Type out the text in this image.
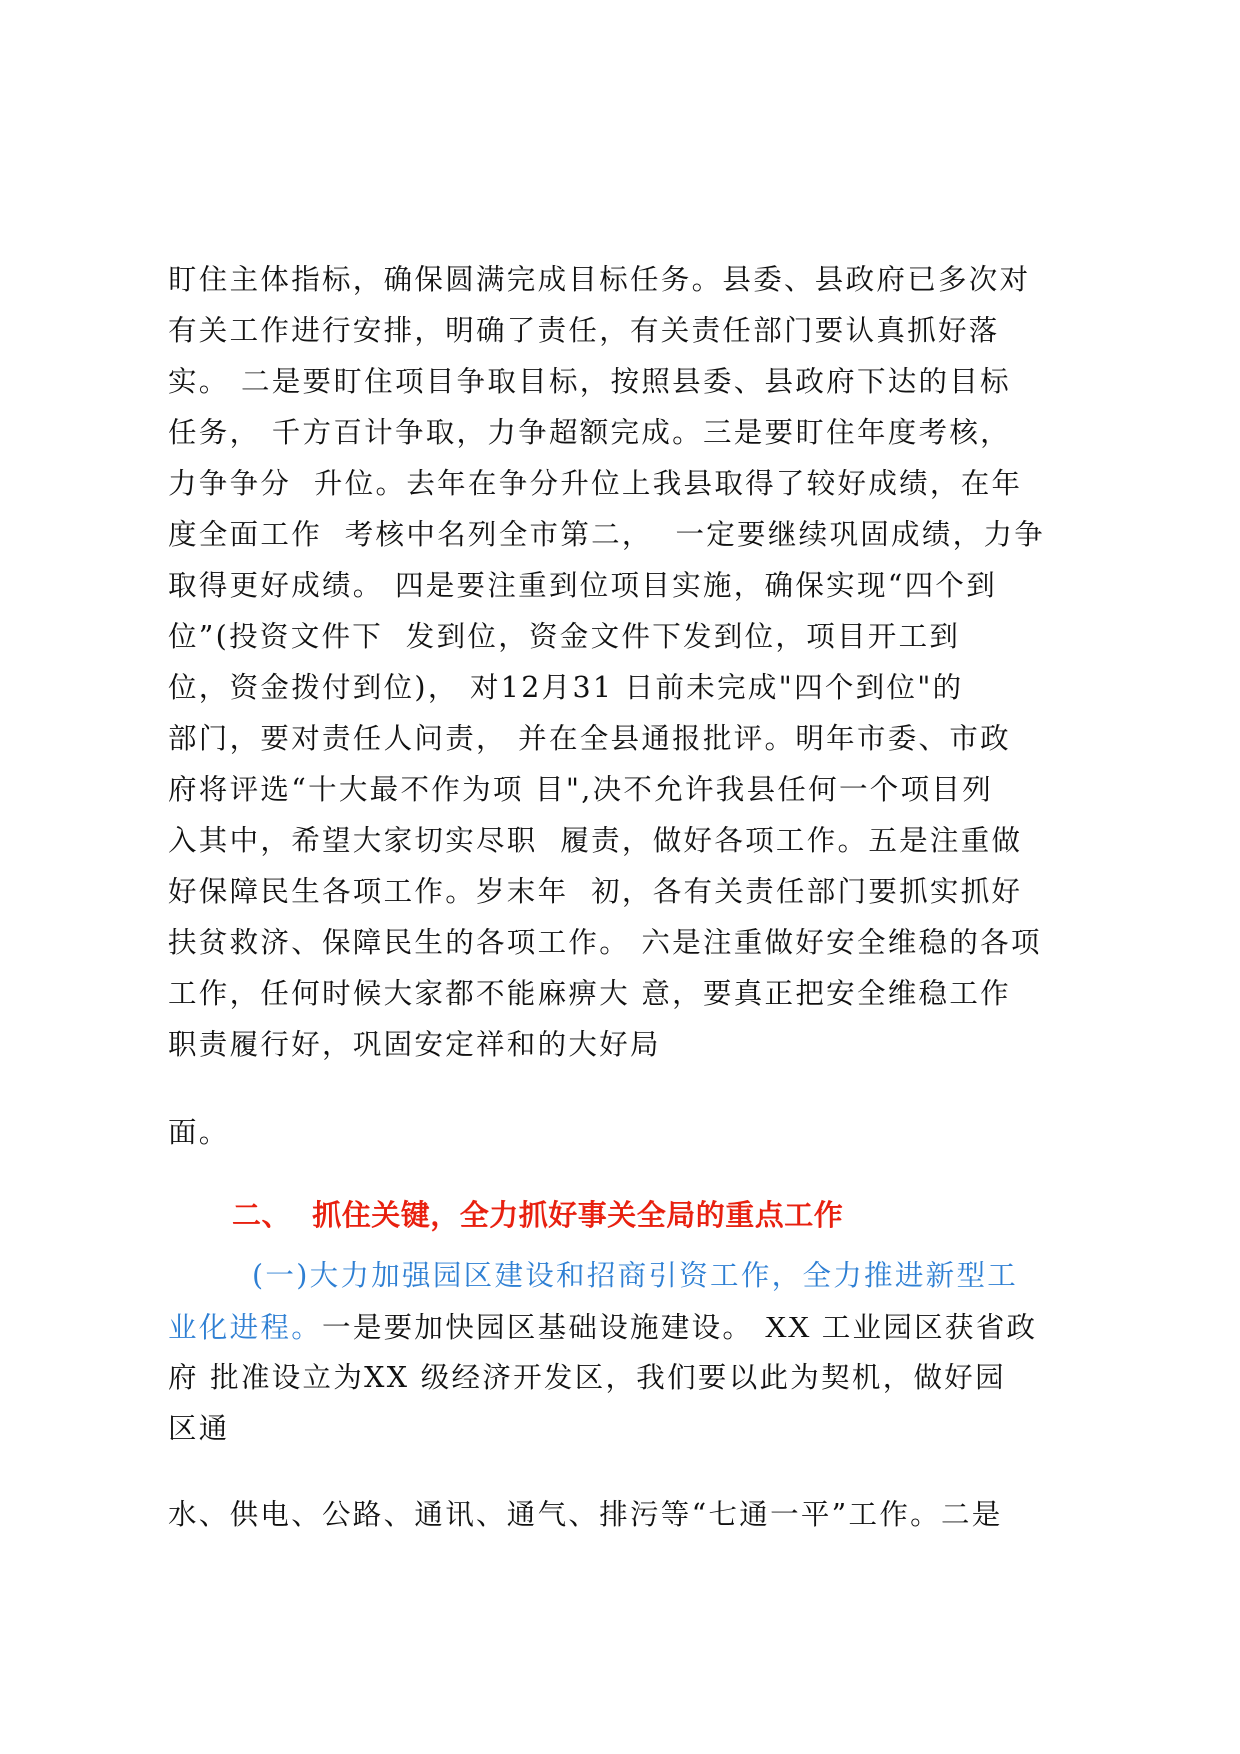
盯住主体指标，确保圆满完成目标任务。县委、县政府已多次对
有关工作进行安排，明确了责任，有关责任部门要认真抓好落
实。 二是要盯住项目争取目标，按照县委、县政府下达的目标
任务， 千方百计争取，力争超额完成。三是要盯住年度考核，
力争争分  升位。去年在争分升位上我县取得了较好成绩，在年
度全面工作  考核中名列全市第二，  一定要继续巩固成绩，力争
取得更好成绩。 四是要注重到位项目实施，确保实现“四个到
位”(投资文件下  发到位，资金文件下发到位，项目开工到
位，资金拨付到位)， 对12月31 日前未完成"四个到位"的
部门，要对责任人问责， 并在全县通报批评。明年市委、市政
府将评选“十大最不作为项 目",决不允许我县任何一个项目列
入其中，希望大家切实尽职  履责，做好各项工作。五是注重做
好保障民生各项工作。岁末年  初，各有关责任部门要抓实抓好
扶贫救济、保障民生的各项工作。 六是注重做好安全维稳的各项
工作，任何时候大家都不能麻痹大 意，要真正把安全维稳工作
职责履行好，巩固安定祥和的大好局
面。
二、  抓住关键，全力抓好事关全局的重点工作
(一)大力加强园区建设和招商引资工作，全力推进新型工
业化进程。一是要加快园区基础设施建设。 XX 工业园区获省政
府 批准设立为XX 级经济开发区，我们要以此为契机，做好园
区通
水、供电、公路、通讯、通气、排污等“七通一平”工作。二是
